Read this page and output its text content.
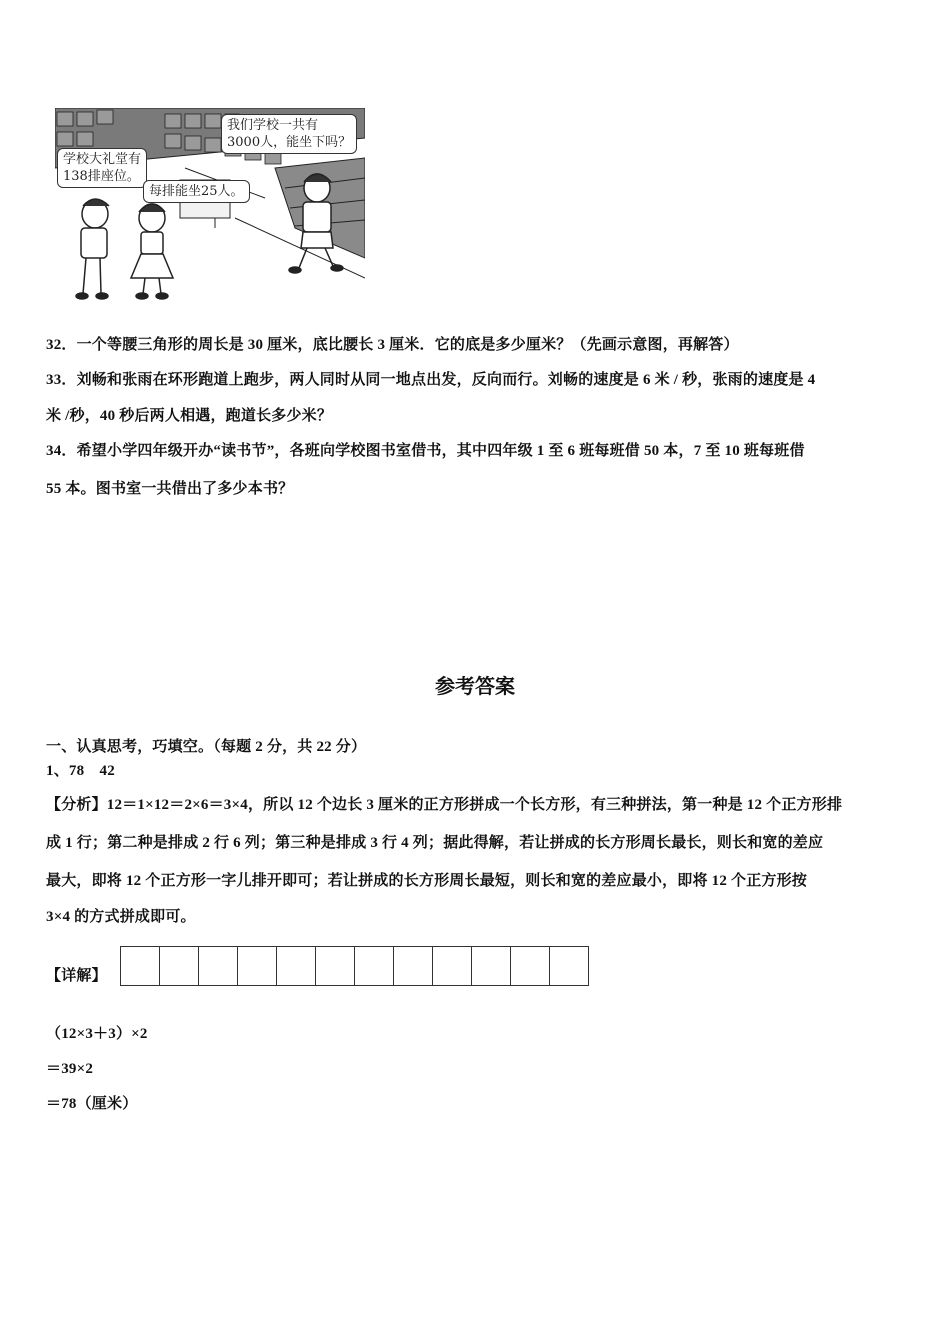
学校大礼堂有
138排座位。
每排能坐25人。
我们学校一共有
3000人，能坐下吗？
32．一个等腰三角形的周长是 30 厘米，底比腰长 3 厘米．它的底是多少厘米？（先画示意图，再解答）
33．刘畅和张雨在环形跑道上跑步，两人同时从同一地点出发，反向而行。刘畅的速度是 6 米 / 秒，张雨的速度是 4
米 /秒，40 秒后两人相遇，跑道长多少米？
34．希望小学四年级开办“读书节”，各班向学校图书室借书，其中四年级 1 至 6 班每班借 50 本，7 至 10 班每班借
55 本。图书室一共借出了多少本书？
参考答案
一、认真思考，巧填空。（每题 2 分，共 22 分）
1、78　42
【分析】12＝1×12＝2×6＝3×4，所以 12 个边长 3 厘米的正方形拼成一个长方形，有三种拼法，第一种是 12 个正方形排
成 1 行；第二种是排成 2 行 6 列；第三种是排成 3 行 4 列；据此得解，若让拼成的长方形周长最长，则长和宽的差应
最大，即将 12 个正方形一字儿排开即可；若让拼成的长方形周长最短，则长和宽的差应最小，即将 12 个正方形按
3×4 的方式拼成即可。
【详解】
（12×3＋3）×2
＝39×2
＝78（厘米）
